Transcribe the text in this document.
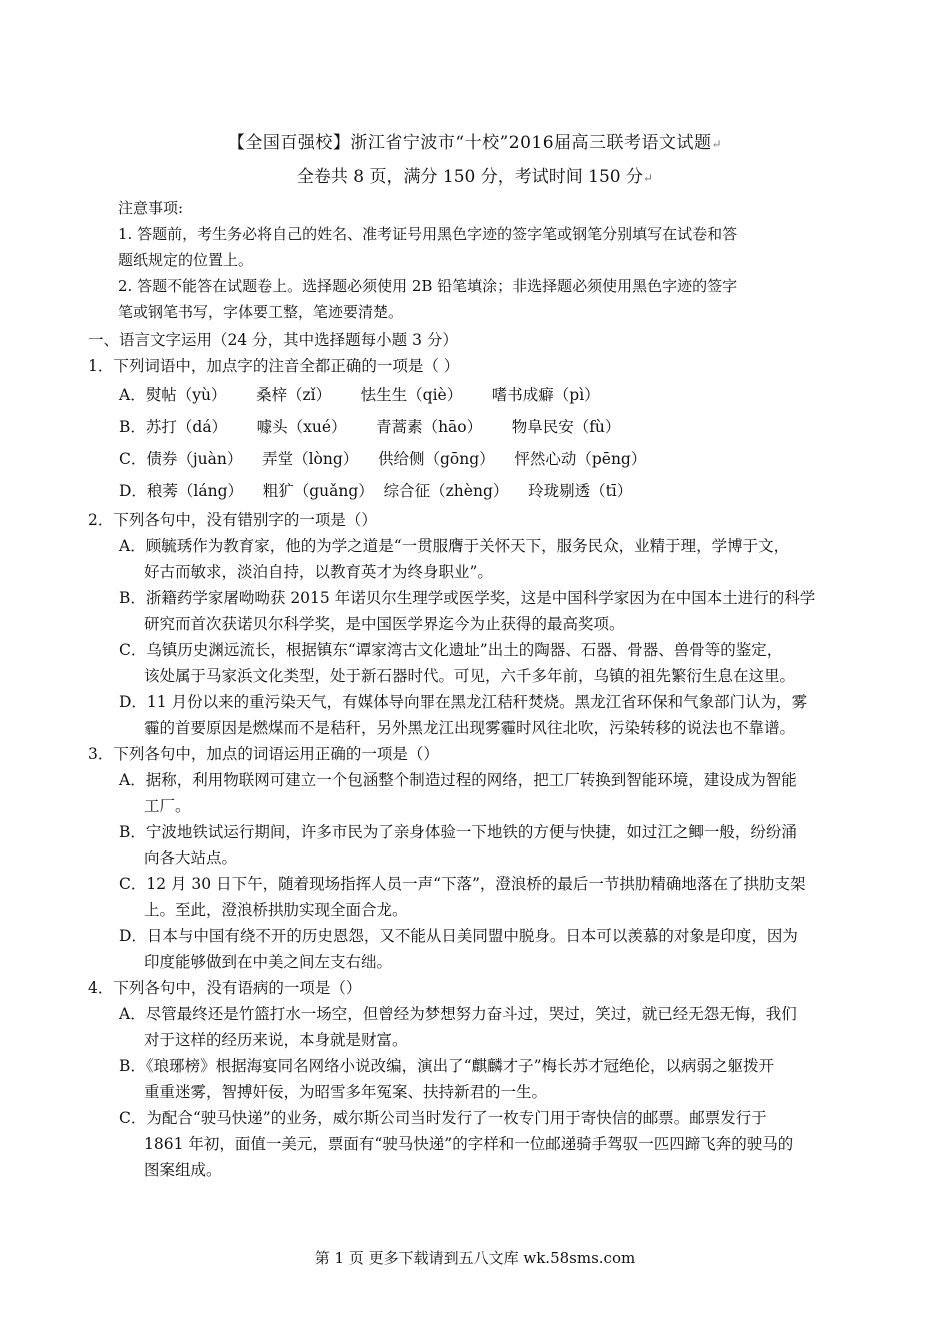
【全国百强校】浙江省宁波市“十校”2016届高三联考语文试题↵
全卷共 8 页，满分 150 分，考试时间 150 分↵

注意事项:

1. 答题前，考生务必将自己的姓名、准考证号用黑色字迹的签字笔或钢笔分别填写在试卷和答

题纸规定的位置上。

2. 答题不能答在试题卷上。选择题必须使用 2B 铅笔填涂；非选择题必须使用黑色字迹的签字

笔或钢笔书写，字体要工整，笔迹要清楚。

一、语言文字运用（24 分，其中选择题每小题 3 分）

1．下列词语中，加点字的注音全都正确的一项是（ ）

A．熨帖（yù）      桑梓（zǐ）      怯生生（qiè）      嗜书成癖（pì）
B．苏打（dá）      噱头（xué）      青蒿素（hāo）      物阜民安（fù）
C．债券（juàn）    弄堂（lòng）    供给侧（gōng）    怦然心动（pēng）
D．稂莠（láng）    粗犷（guǎng）  综合征（zhèng）    玲珑剔透（tī）

2．下列各句中，没有错别字的一项是（）

A．顾毓琇作为教育家，他的为学之道是“一贯服膺于关怀天下，服务民众，业精于理，学博于文，

好古而敏求，淡泊自持，以教育英才为终身职业”。

B．浙籍药学家屠呦呦获 2015 年诺贝尔生理学或医学奖，这是中国科学家因为在中国本土进行的科学

研究而首次获诺贝尔科学奖，是中国医学界迄今为止获得的最高奖项。

C．乌镇历史渊远流长，根据镇东“谭家湾古文化遗址”出土的陶器、石器、骨器、兽骨等的鉴定，

该处属于马家浜文化类型，处于新石器时代。可见，六千多年前，乌镇的祖先繁衍生息在这里。

D．11 月份以来的重污染天气，有媒体导向罪在黑龙江秸秆焚烧。黑龙江省环保和气象部门认为，雾

霾的首要原因是燃煤而不是秸秆，另外黑龙江出现雾霾时风往北吹，污染转移的说法也不靠谱。

3．下列各句中，加点的词语运用正确的一项是（）

A．据称，利用物联网可建立一个包涵整个制造过程的网络，把工厂转换到智能环境，建设成为智能

工厂。

B．宁波地铁试运行期间，许多市民为了亲身体验一下地铁的方便与快捷，如过江之鲫一般，纷纷涌

向各大站点。

C．12 月 30 日下午，随着现场指挥人员一声“下落”，澄浪桥的最后一节拱肋精确地落在了拱肋支架

上。至此，澄浪桥拱肋实现全面合龙。

D．日本与中国有绕不开的历史恩怨，又不能从日美同盟中脱身。日本可以羡慕的对象是印度，因为

印度能够做到在中美之间左支右绌。

4．下列各句中，没有语病的一项是（）

A．尽管最终还是竹篮打水一场空，但曾经为梦想努力奋斗过，哭过，笑过，就已经无怨无悔，我们

对于这样的经历来说，本身就是财富。

B．《琅琊榜》根据海宴同名网络小说改编，演出了“麒麟才子”梅长苏才冠绝伦，以病弱之躯拨开

重重迷雾，智搏奸佞，为昭雪多年冤案、扶持新君的一生。

C．为配合“驶马快递”的业务，威尔斯公司当时发行了一枚专门用于寄快信的邮票。邮票发行于

1861 年初，面值一美元，票面有“驶马快递”的字样和一位邮递骑手驾驭一匹四蹄飞奔的驶马的

图案组成。

第 1 页 更多下载请到五八文库 wk.58sms.com
